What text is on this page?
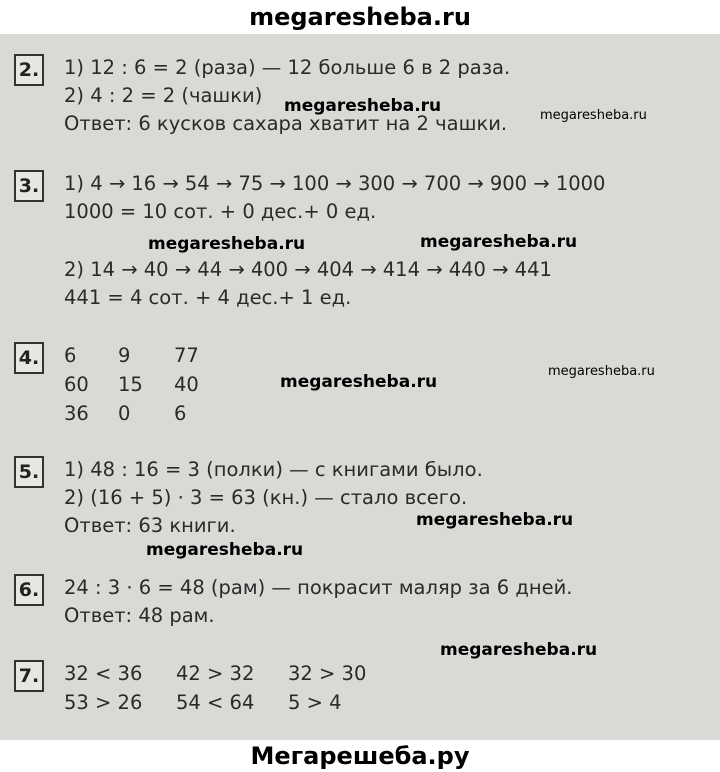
megaresheba.ru
2. 1) 12 : 6 = 2 (раза) — 12 больше 6 в 2 раза.
2) 4 : 2 = 2 (чашки)
Ответ: 6 кусков сахара хватит на 2 чашки.
3. 1) 4 → 16 → 54 → 75 → 100 → 300 → 700 → 900 → 1000
1000 = 10 сот. + 0 дес.+ 0 ед.
2) 14 → 40 → 44 → 400 → 404 → 414 → 440 → 441
441 = 4 сот. + 4 дес.+ 1 ед.
4. 6 9 77
60 15 40
36 0 6
5. 1) 48 : 16 = 3 (полки) — с книгами было.
2) (16 + 5) · 3 = 63 (кн.) — стало всего.
Ответ: 63 книги.
6. 24 : 3 · 6 = 48 (рам) — покрасит маляр за 6 дней.
Ответ: 48 рам.
7. 32 < 36 42 > 32 32 > 30
53 > 26 54 < 64 5 > 4
megaresheba.ru	megaresheba.ru
megaresheba.ru	megaresheba.ru
megaresheba.ru
megaresheba.ru
megaresheba.ru
megaresheba.ru
megaresheba.ru
Мегарешеба.ру
